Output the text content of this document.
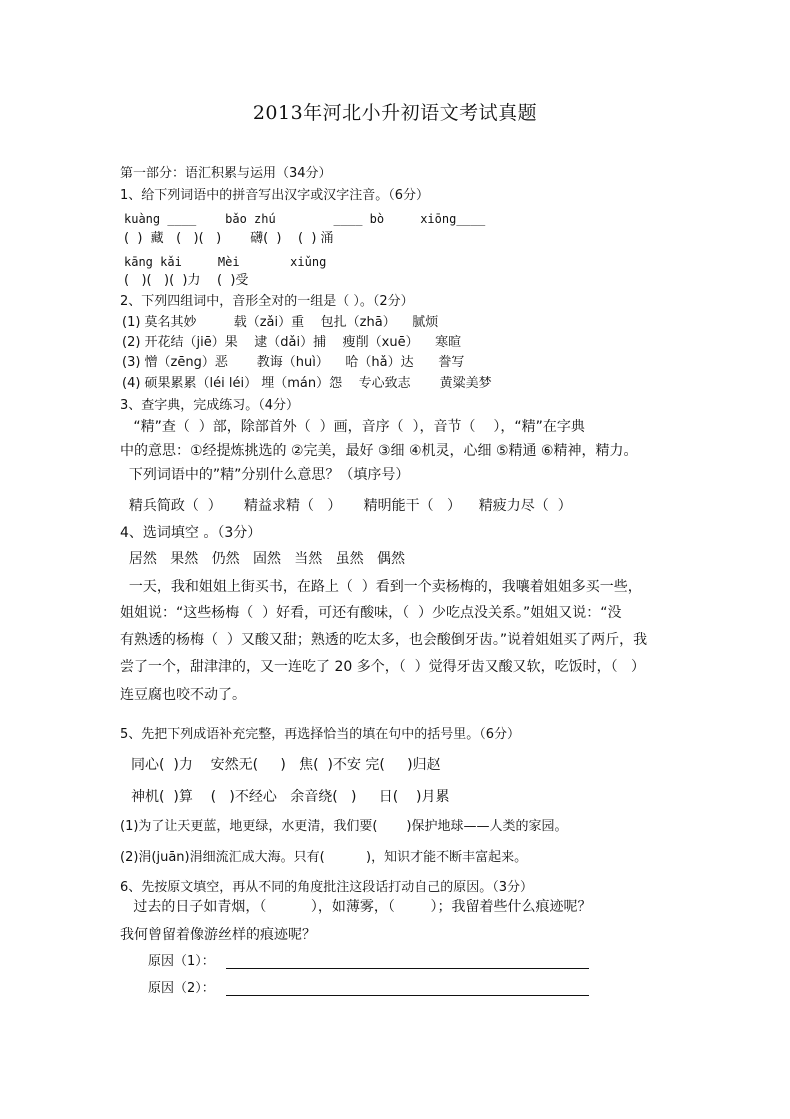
2013年河北小升初语文考试真题
第一部分：语汇积累与运用（34分）
1、给下列词语中的拼音写出汉字或汉字注音。（6分）
kuàng ____    bǎo zhú        ____ bò     xiōng____
(  )  藏   (   )(   )       礴(  )    (  ) 涌
kāng kǎi     Mèi       xiǔng
(   )(   )(  )力    (  )受
2、下列四组词中，音形全对的一组是（ ）。（2分）
(1) 莫名其妙         载（zǎi）重    包扎（zhā）    腻烦
(2) 开花结（jiē）果    逮（dǎi）捕    瘦削（xuē）    寒暄
(3) 憎（zēng）恶       教诲（huì）    哈（hǎ）达      誊写
(4) 硕果累累（léi léi） 埋（mán）怨    专心致志       黄粱美梦
3、查字典，完成练习。（4分）
“精”查（  ）部，除部首外（  ）画，音序（  ），音节（    ），“精”在字典
中的意思：①经提炼挑选的 ②完美，最好 ③细 ④机灵，心细 ⑤精通 ⑥精神，精力。
下列词语中的”精”分别什么意思？（填序号）
精兵简政（  ）     精益求精（   ）     精明能干（   ）    精疲力尽（  ）
4、选词填空 。（3分）
居然   果然   仍然   固然   当然   虽然   偶然
一天，我和姐姐上街买书，在路上（  ）看到一个卖杨梅的，我嚷着姐姐多买一些，
姐姐说：“这些杨梅（  ）好看，可还有酸味，（  ）少吃点没关系。”姐姐又说：“没
有熟透的杨梅（  ）又酸又甜；熟透的吃太多，也会酸倒牙齿。”说着姐姐买了两斤，我
尝了一个，甜津津的，又一连吃了 20 多个，（  ）觉得牙齿又酸又软，吃饭时，（   ）
连豆腐也咬不动了。
5、先把下列成语补充完整，再选择恰当的填在句中的括号里。（6分）
同心(  )力    安然无(     )   焦(  )不安 完(     )归赵
神机(  )算    (   )不经心   余音绕(   )     日(    )月累
(1)为了让天更蓝，地更绿，水更清，我们要(       )保护地球——人类的家园。
(2)涓(juān)涓细流汇成大海。只有(          )，知识才能不断丰富起来。
6、先按原文填空，再从不同的角度批注这段话打动自己的原因。（3分）
过去的日子如青烟，（          ），如薄雾，（        ）；我留着些什么痕迹呢？
我何曾留着像游丝样的痕迹呢？
原因（1）：
原因（2）：
